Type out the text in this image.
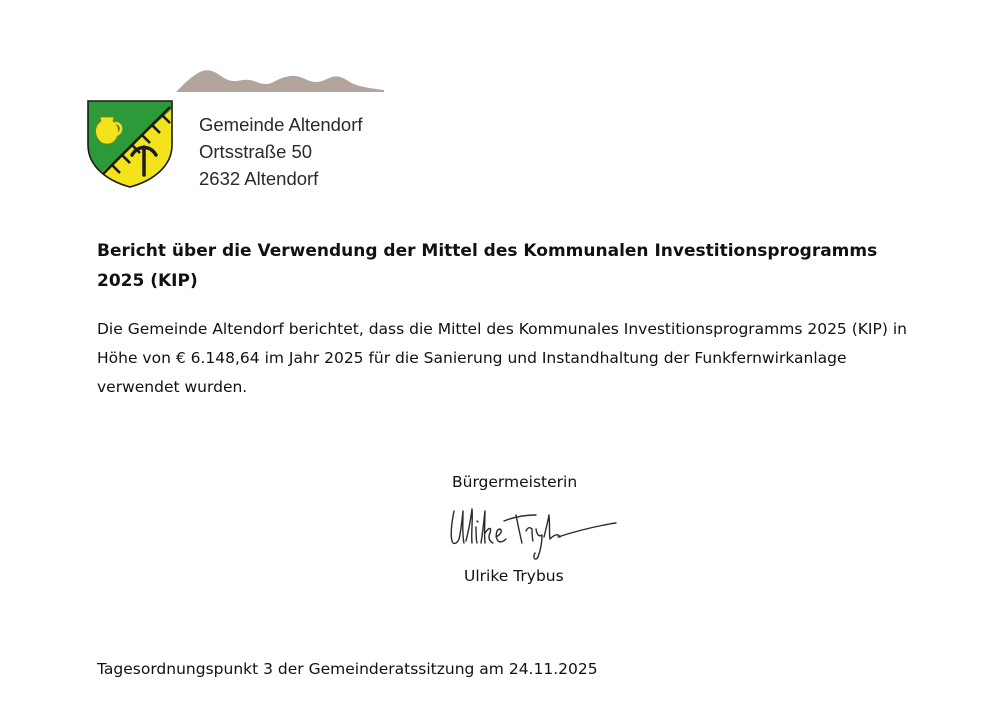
Gemeinde Altendorf
Ortsstraße 50
2632 Altendorf
Bericht über die Verwendung der Mittel des Kommunalen Investitionsprogramms 2025 (KIP)
Die Gemeinde Altendorf berichtet, dass die Mittel des Kommunales Investitionsprogramms 2025 (KIP) in Höhe von € 6.148,64 im Jahr 2025 für die Sanierung und Instandhaltung der Funkfernwirkanlage verwendet wurden.
Bürgermeisterin
Ulrike Trybus
Tagesordnungspunkt 3 der Gemeinderatssitzung am 24.11.2025
